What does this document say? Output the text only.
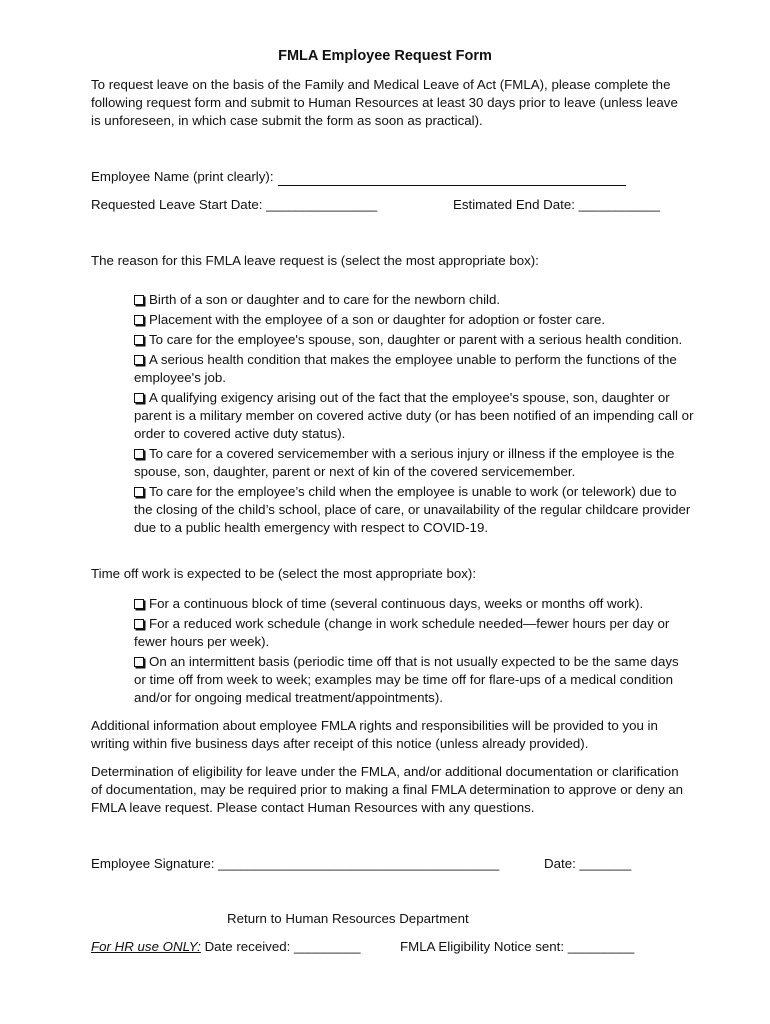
FMLA Employee Request Form
To request leave on the basis of the Family and Medical Leave of Act (FMLA), please complete the following request form and submit to Human Resources at least 30 days prior to leave (unless leave is unforeseen, in which case submit the form as soon as practical).
Employee Name (print clearly):
Requested Leave Start Date: _______________	Estimated End Date: ___________
The reason for this FMLA leave request is (select the most appropriate box):
Birth of a son or daughter and to care for the newborn child.
Placement with the employee of a son or daughter for adoption or foster care.
To care for the employee's spouse, son, daughter or parent with a serious health condition.
A serious health condition that makes the employee unable to perform the functions of the employee's job.
A qualifying exigency arising out of the fact that the employee's spouse, son, daughter or parent is a military member on covered active duty (or has been notified of an impending call or order to covered active duty status).
To care for a covered servicemember with a serious injury or illness if the employee is the spouse, son, daughter, parent or next of kin of the covered servicemember.
To care for the employee’s child when the employee is unable to work (or telework) due to the closing of the child’s school, place of care, or unavailability of the regular childcare provider due to a public health emergency with respect to COVID-19.
Time off work is expected to be (select the most appropriate box):
For a continuous block of time (several continuous days, weeks or months off work).
For a reduced work schedule (change in work schedule needed—fewer hours per day or fewer hours per week).
On an intermittent basis (periodic time off that is not usually expected to be the same days or time off from week to week; examples may be time off for flare-ups of a medical condition and/or for ongoing medical treatment/appointments).
Additional information about employee FMLA rights and responsibilities will be provided to you in writing within five business days after receipt of this notice (unless already provided).
Determination of eligibility for leave under the FMLA, and/or additional documentation or clarification of documentation, may be required prior to making a final FMLA determination to approve or deny an FMLA leave request. Please contact Human Resources with any questions.
Employee Signature: ______________________________________	Date: _______
Return to Human Resources Department
For HR use ONLY: Date received: _________	FMLA Eligibility Notice sent: _________
